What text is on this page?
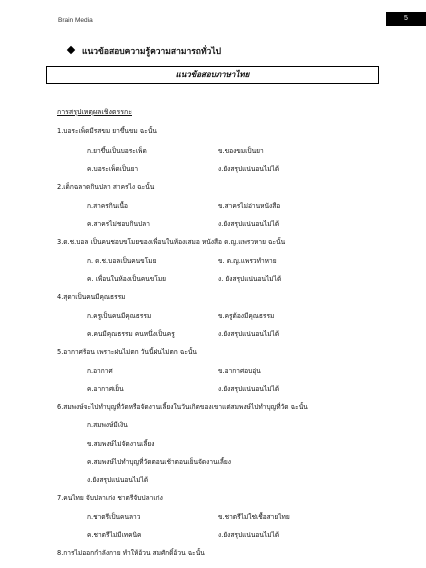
Brain Media	5
แนวข้อสอบความรู้ความสามารถทั่วไป
แนวข้อสอบภาษาไทย
การสรุปเหตุผลเชิงตรรกะ
1.บอระเพ็ดมีรสขม ยาขึ้นขม ฉะนั้น
ก.ยาขึ้นเป็นบอระเพ็ด	ข.ของขมเป็นยา
ค.บอระเพ็ดเป็นยา	ง.ยังสรุปแน่นอนไม่ได้
2.เด็กฉลาดกินปลา สาครไง ฉะนั้น
ก.สาครกินเนื้อ	ข.สาครไม่อ่านหนังสือ
ค.สาครไม่ชอบกินปลา	ง.ยังสรุปแน่นอนไม่ได้
3.ด.ช.บอล เป็นคนชอบขโมยของเพื่อนในห้องเสมอ หนังสือ ด.ญ.แพรวหาย ฉะนั้น
ก. ด.ช.บอลเป็นคนขโมย	ข. ด.ญ.แพรวทำหาย
ค. เพื่อนในห้องเป็นคนขโมย	ง. ยังสรุปแน่นอนไม่ได้
4.สุดาเป็นคนมีคุณธรรม
ก.ครูเป็นคนมีคุณธรรม	ข.ครูต้องมีคุณธรรม
ค.คนมีคุณธรรม คนหนึ่งเป็นครู	ง.ยังสรุปแน่นอนไม่ได้
5.อากาศร้อน เพราะฝนไม่ตก วันนี้ฝนไม่ตก ฉะนั้น
ก.อากาศ	ข.อากาศอบอุ่น
ค.อากาศเย็น	ง.ยังสรุปแน่นอนไม่ได้
6.สมพงษ์จะไปทำบุญที่วัดหรือจัดงานเลี้ยงในวันเกิดของเขาแต่สมพงษ์ไปทำบุญที่วัด ฉะนั้น
ก.สมพงษ์มีเงิน
ข.สมพงษ์ไม่จัดงานเลี้ยง
ค.สมพงษ์ไปทำบุญที่วัดตอนเช้าตอนเย็นจัดงานเลี้ยง
ง.ยังสรุปแน่นอนไม่ได้
7.คนไทย จับปลาเก่ง ชาตรีจับปลาเก่ง
ก.ชาตรีเป็นคนลาว	ข.ชาตรีไม่ใช่เชื้อสายไทย
ค.ชาตรีไม่มีเทคนิค	ง.ยังสรุปแน่นอนไม่ได้
8.การไม่ออกกำลังกาย ทำให้อ้วน สมศักดิ์อ้วน ฉะนั้น
